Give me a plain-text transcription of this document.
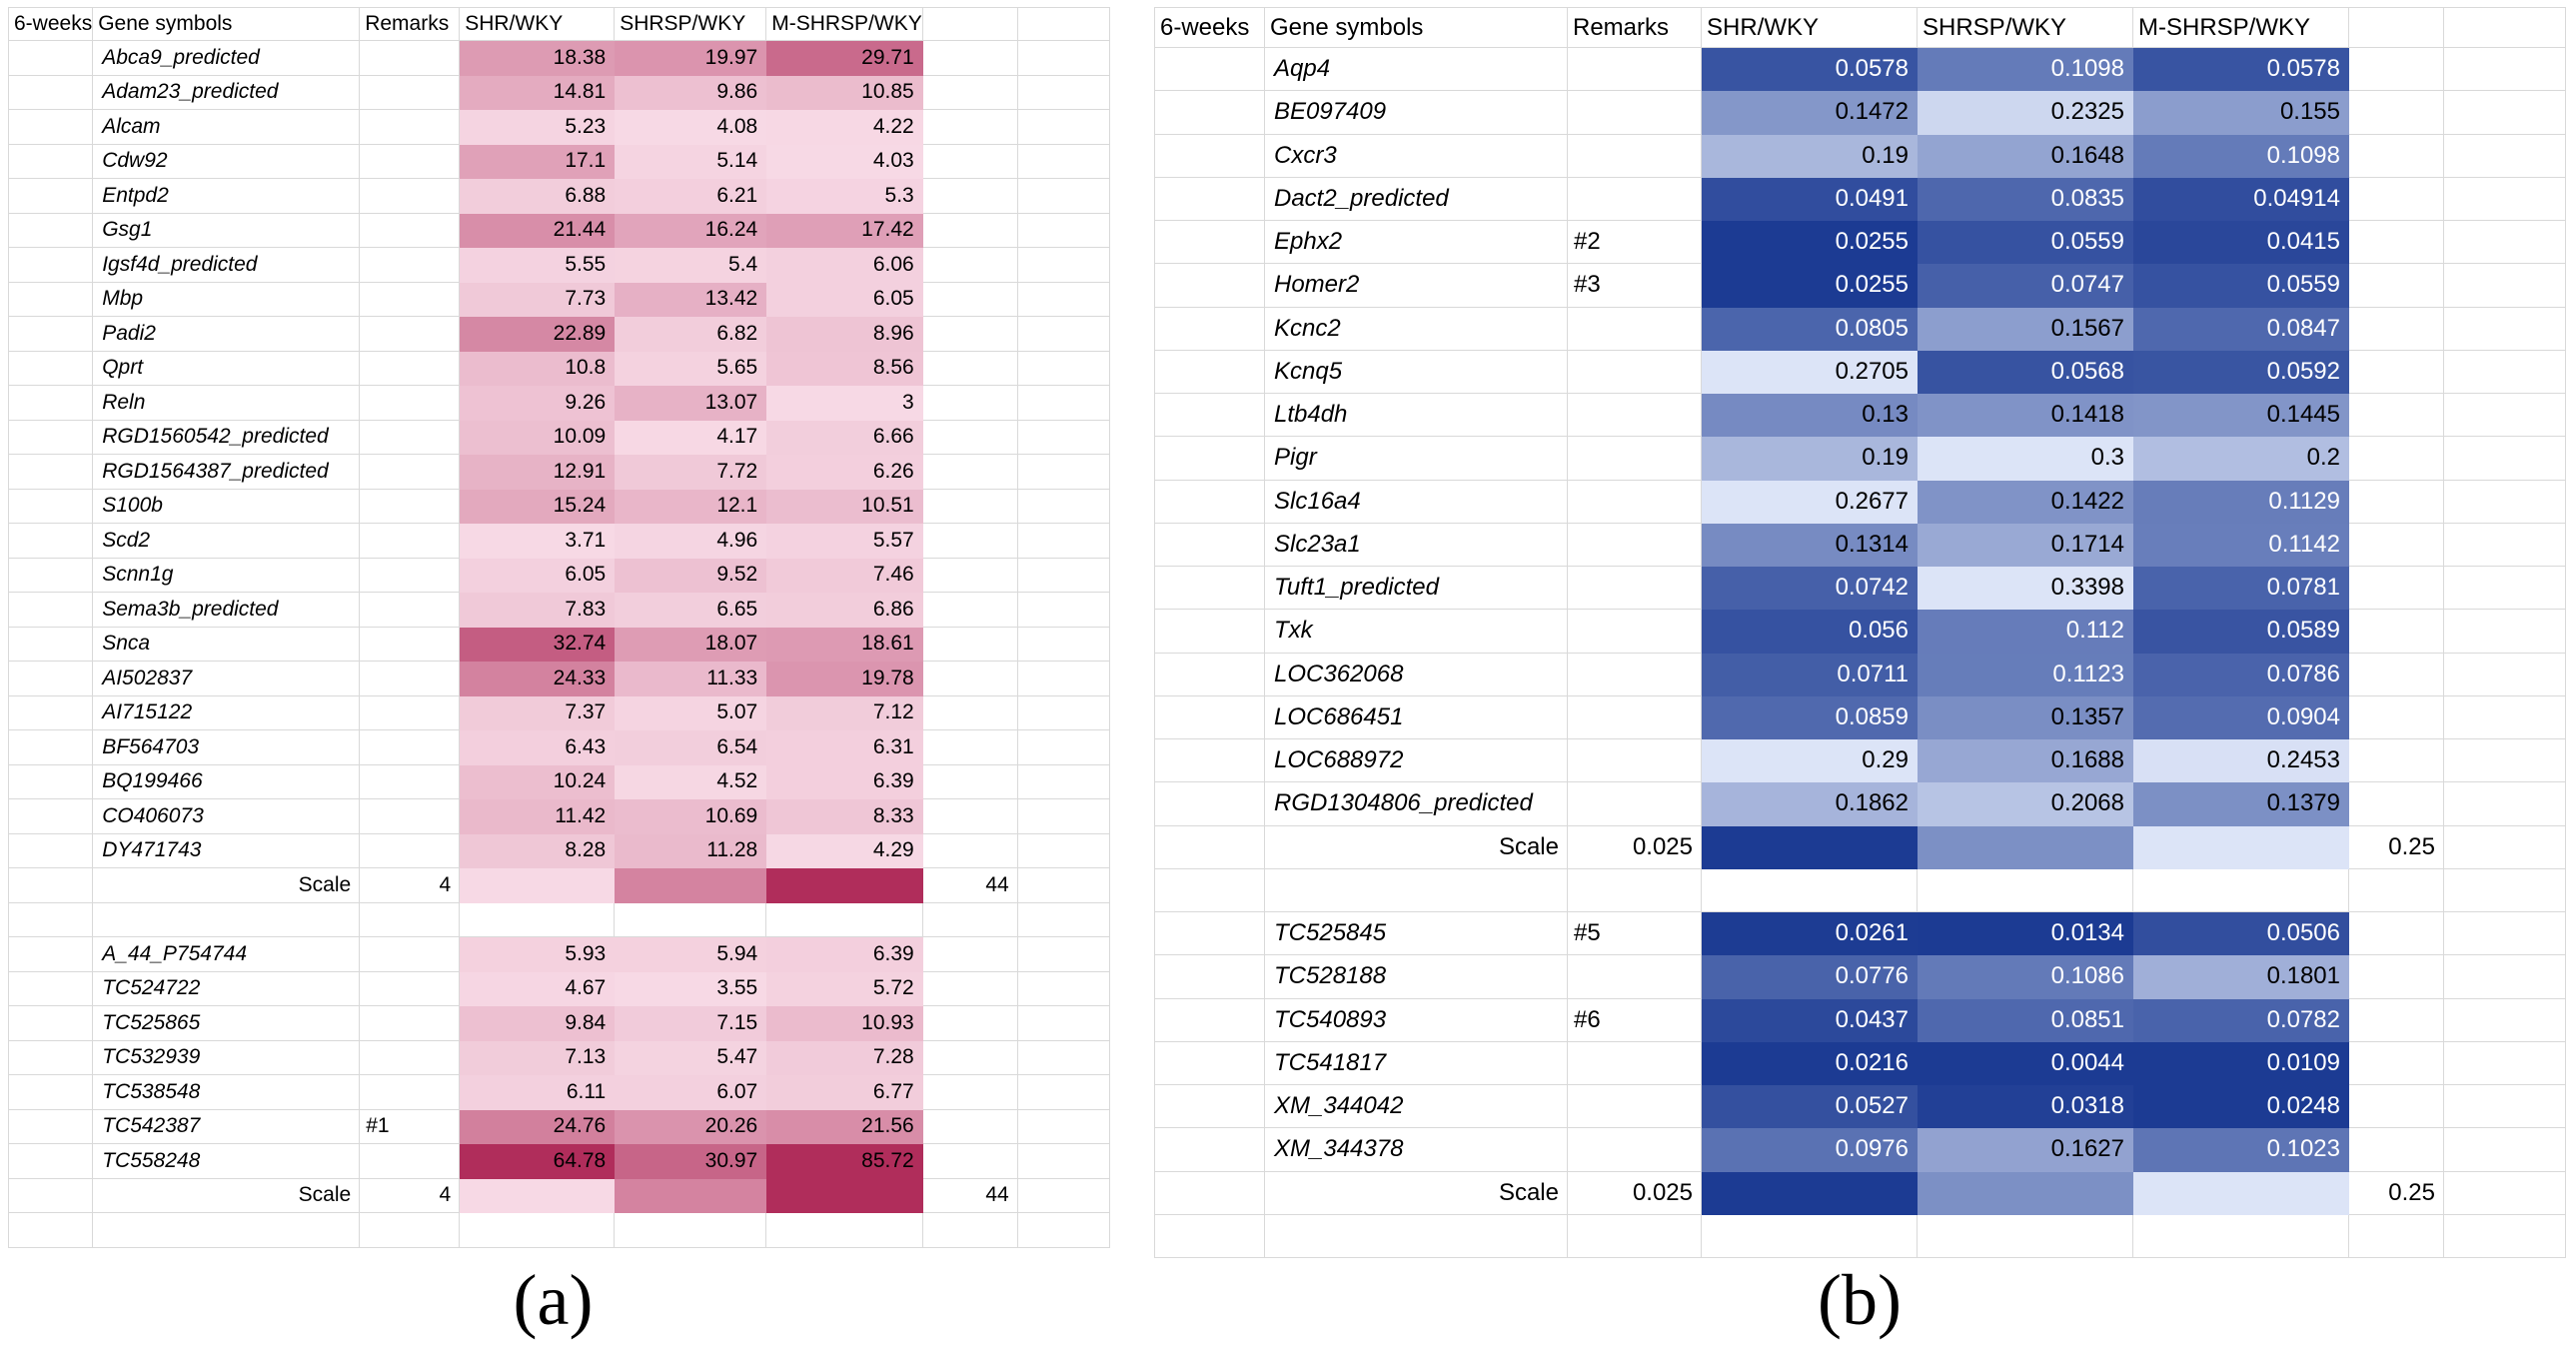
6-weeks	Gene symbols	Remarks	SHR/WKY	SHRSP/WKY	M-SHRSP/WKY		
	Abca9_predicted		18.38	19.97	29.71		
	Adam23_predicted		14.81	9.86	10.85		
	Alcam		5.23	4.08	4.22		
	Cdw92		17.1	5.14	4.03		
	Entpd2		6.88	6.21	5.3		
	Gsg1		21.44	16.24	17.42		
	Igsf4d_predicted		5.55	5.4	6.06		
	Mbp		7.73	13.42	6.05		
	Padi2		22.89	6.82	8.96		
	Qprt		10.8	5.65	8.56		
	Reln		9.26	13.07	3		
	RGD1560542_predicted		10.09	4.17	6.66		
	RGD1564387_predicted		12.91	7.72	6.26		
	S100b		15.24	12.1	10.51		
	Scd2		3.71	4.96	5.57		
	Scnn1g		6.05	9.52	7.46		
	Sema3b_predicted		7.83	6.65	6.86		
	Snca		32.74	18.07	18.61		
	AI502837		24.33	11.33	19.78		
	AI715122		7.37	5.07	7.12		
	BF564703		6.43	6.54	6.31		
	BQ199466		10.24	4.52	6.39		
	CO406073		11.42	10.69	8.33		
	DY471743		8.28	11.28	4.29		
	Scale	4				44	

	A_44_P754744		5.93	5.94	6.39		
	TC524722		4.67	3.55	5.72		
	TC525865		9.84	7.15	10.93		
	TC532939		7.13	5.47	7.28		
	TC538548		6.11	6.07	6.77		
	TC542387	#1	24.76	20.26	21.56		
	TC558248		64.78	30.97	85.72		
	Scale	4				44	

6-weeks	Gene symbols	Remarks	SHR/WKY	SHRSP/WKY	M-SHRSP/WKY		
	Aqp4		0.0578	0.1098	0.0578		
	BE097409		0.1472	0.2325	0.155		
	Cxcr3		0.19	0.1648	0.1098		
	Dact2_predicted		0.0491	0.0835	0.04914		
	Ephx2	#2	0.0255	0.0559	0.0415		
	Homer2	#3	0.0255	0.0747	0.0559		
	Kcnc2		0.0805	0.1567	0.0847		
	Kcnq5		0.2705	0.0568	0.0592		
	Ltb4dh		0.13	0.1418	0.1445		
	Pigr		0.19	0.3	0.2		
	Slc16a4		0.2677	0.1422	0.1129		
	Slc23a1		0.1314	0.1714	0.1142		
	Tuft1_predicted		0.0742	0.3398	0.0781		
	Txk		0.056	0.112	0.0589		
	LOC362068		0.0711	0.1123	0.0786		
	LOC686451		0.0859	0.1357	0.0904		
	LOC688972		0.29	0.1688	0.2453		
	RGD1304806_predicted		0.1862	0.2068	0.1379		
	Scale	0.025				0.25	

	TC525845	#5	0.0261	0.0134	0.0506		
	TC528188		0.0776	0.1086	0.1801		
	TC540893	#6	0.0437	0.0851	0.0782		
	TC541817		0.0216	0.0044	0.0109		
	XM_344042		0.0527	0.0318	0.0248		
	XM_344378		0.0976	0.1627	0.1023		
	Scale	0.025				0.25	

(a)	(b)
